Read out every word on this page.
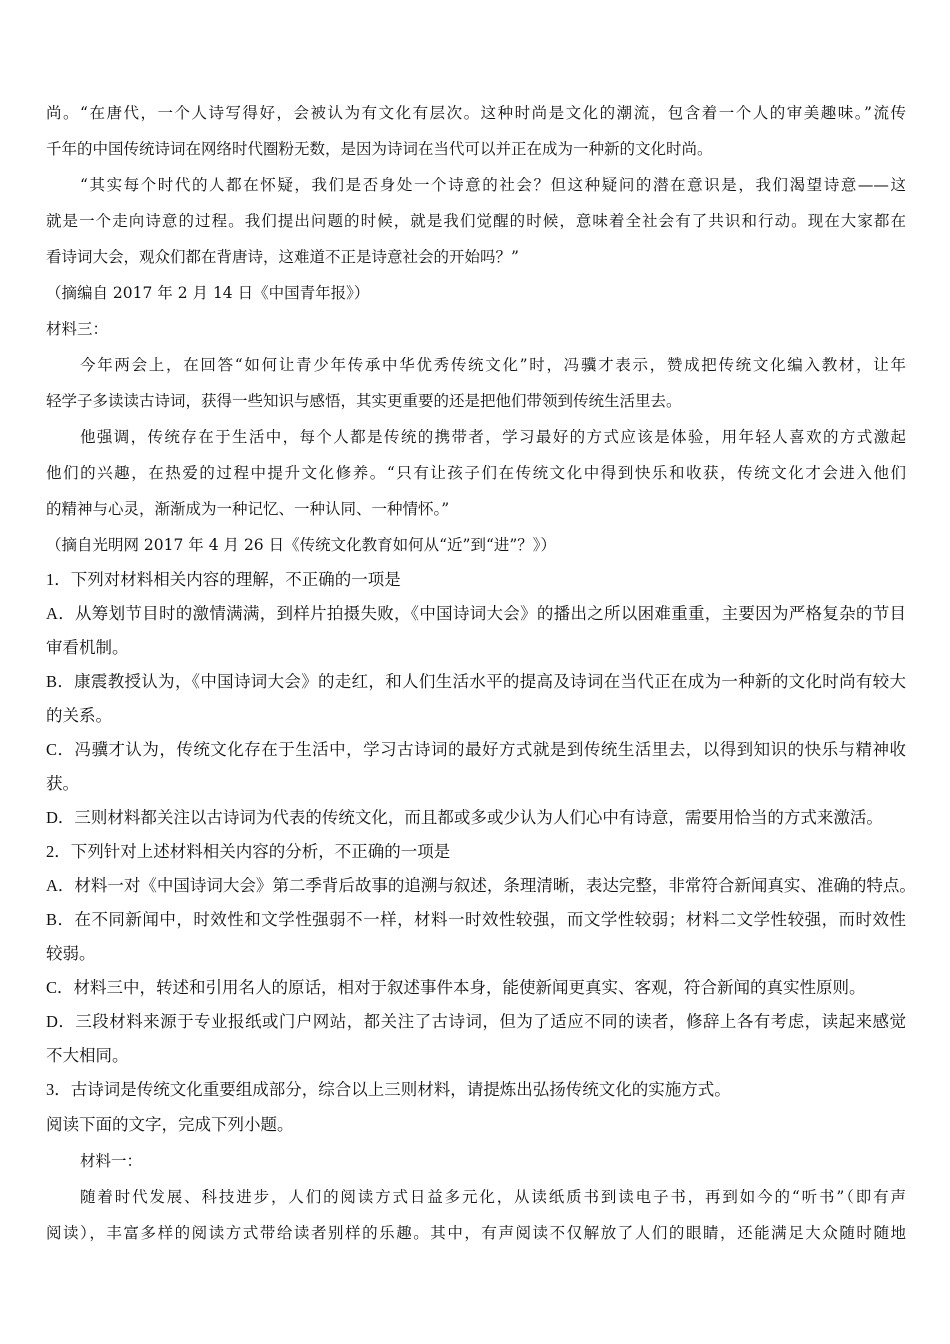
尚。“在唐代，一个人诗写得好，会被认为有文化有层次。这种时尚是文化的潮流，包含着一个人的审美趣味。”流传
千年的中国传统诗词在网络时代圈粉无数，是因为诗词在当代可以并正在成为一种新的文化时尚。
“其实每个时代的人都在怀疑，我们是否身处一个诗意的社会？但这种疑问的潜在意识是，我们渴望诗意——这
就是一个走向诗意的过程。我们提出问题的时候，就是我们觉醒的时候，意味着全社会有了共识和行动。现在大家都在
看诗词大会，观众们都在背唐诗，这难道不正是诗意社会的开始吗？”
（摘编自 2017 年 2 月 14 日《中国青年报》）
材料三：
今年两会上，在回答“如何让青少年传承中华优秀传统文化”时，冯骥才表示，赞成把传统文化编入教材，让年
轻学子多读读古诗词，获得一些知识与感悟，其实更重要的还是把他们带领到传统生活里去。
他强调，传统存在于生活中，每个人都是传统的携带者，学习最好的方式应该是体验，用年轻人喜欢的方式激起
他们的兴趣，在热爱的过程中提升文化修养。“只有让孩子们在传统文化中得到快乐和收获，传统文化才会进入他们
的精神与心灵，渐渐成为一种记忆、一种认同、一种情怀。”
（摘自光明网 2017 年 4 月 26 日《传统文化教育如何从“近”到“进”？》）
1．下列对材料相关内容的理解，不正确的一项是
A．从筹划节目时的激情满满，到样片拍摄失败，《中国诗词大会》的播出之所以困难重重，主要因为严格复杂的节目
审看机制。
B．康震教授认为，《中国诗词大会》的走红，和人们生活水平的提高及诗词在当代正在成为一种新的文化时尚有较大
的关系。
C．冯骥才认为，传统文化存在于生活中，学习古诗词的最好方式就是到传统生活里去，以得到知识的快乐与精神收
获。
D．三则材料都关注以古诗词为代表的传统文化，而且都或多或少认为人们心中有诗意，需要用恰当的方式来激活。
2．下列针对上述材料相关内容的分析，不正确的一项是
A．材料一对《中国诗词大会》第二季背后故事的追溯与叙述，条理清晰，表达完整，非常符合新闻真实、准确的特点。
B．在不同新闻中，时效性和文学性强弱不一样，材料一时效性较强，而文学性较弱；材料二文学性较强，而时效性
较弱。
C．材料三中，转述和引用名人的原话，相对于叙述事件本身，能使新闻更真实、客观，符合新闻的真实性原则。
D．三段材料来源于专业报纸或门户网站，都关注了古诗词，但为了适应不同的读者，修辞上各有考虑，读起来感觉
不大相同。
3．古诗词是传统文化重要组成部分，综合以上三则材料，请提炼出弘扬传统文化的实施方式。
阅读下面的文字，完成下列小题。
材料一：
随着时代发展、科技进步，人们的阅读方式日益多元化，从读纸质书到读电子书，再到如今的“听书”（即有声
阅读），丰富多样的阅读方式带给读者别样的乐趣。其中，有声阅读不仅解放了人们的眼睛，还能满足大众随时随地
